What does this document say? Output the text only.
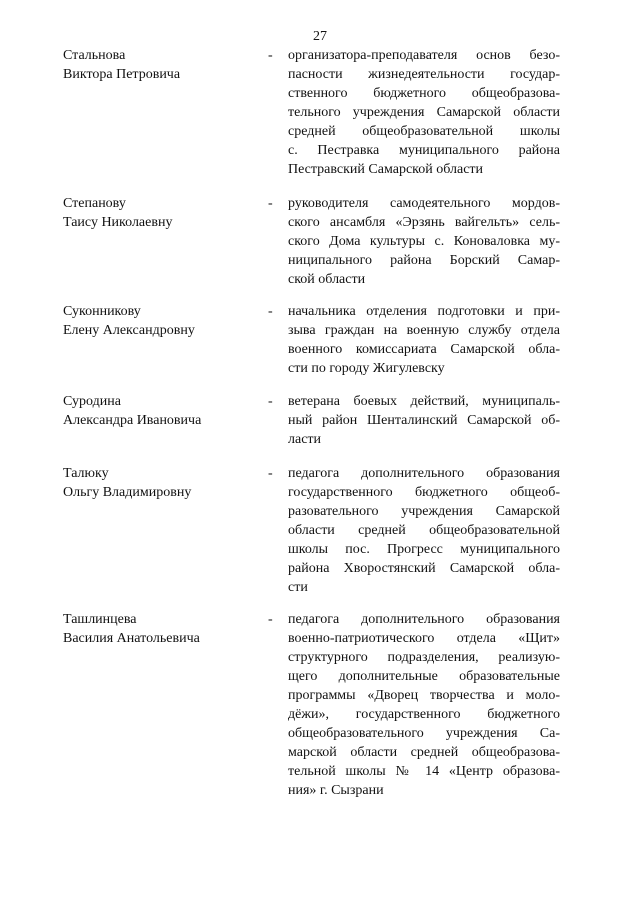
27
Стальнова
Виктора Петровича
- организатора-преподавателя основ безо-
пасности жизнедеятельности государ-
ственного бюджетного общеобразова-
тельного учреждения Самарской области
средней общеобразовательной школы
с. Пестравка муниципального района
Пестравский Самарской области
Степанову
Таису Николаевну
- руководителя самодеятельного мордов-
ского ансамбля «Эрзянь вайгельть» сель-
ского Дома культуры с. Коноваловка му-
ниципального района Борский Самар-
ской области
Суконникову
Елену Александровну
- начальника отделения подготовки и при-
зыва граждан на военную службу отдела
военного комиссариата Самарской обла-
сти по городу Жигулевску
Суродина
Александра Ивановича
- ветерана боевых действий, муниципаль-
ный район Шенталинский Самарской об-
ласти
Талюку
Ольгу Владимировну
- педагога дополнительного образования
государственного бюджетного общеоб-
разовательного учреждения Самарской
области средней общеобразовательной
школы пос. Прогресс муниципального
района Хворостянский Самарской обла-
сти
Ташлинцева
Василия Анатольевича
- педагога дополнительного образования
военно-патриотического отдела «Щит»
структурного подразделения, реализую-
щего дополнительные образовательные
программы «Дворец творчества и моло-
дёжи», государственного бюджетного
общеобразовательного учреждения Са-
марской области средней общеобразова-
тельной школы № 14 «Центр образова-
ния» г. Сызрани
